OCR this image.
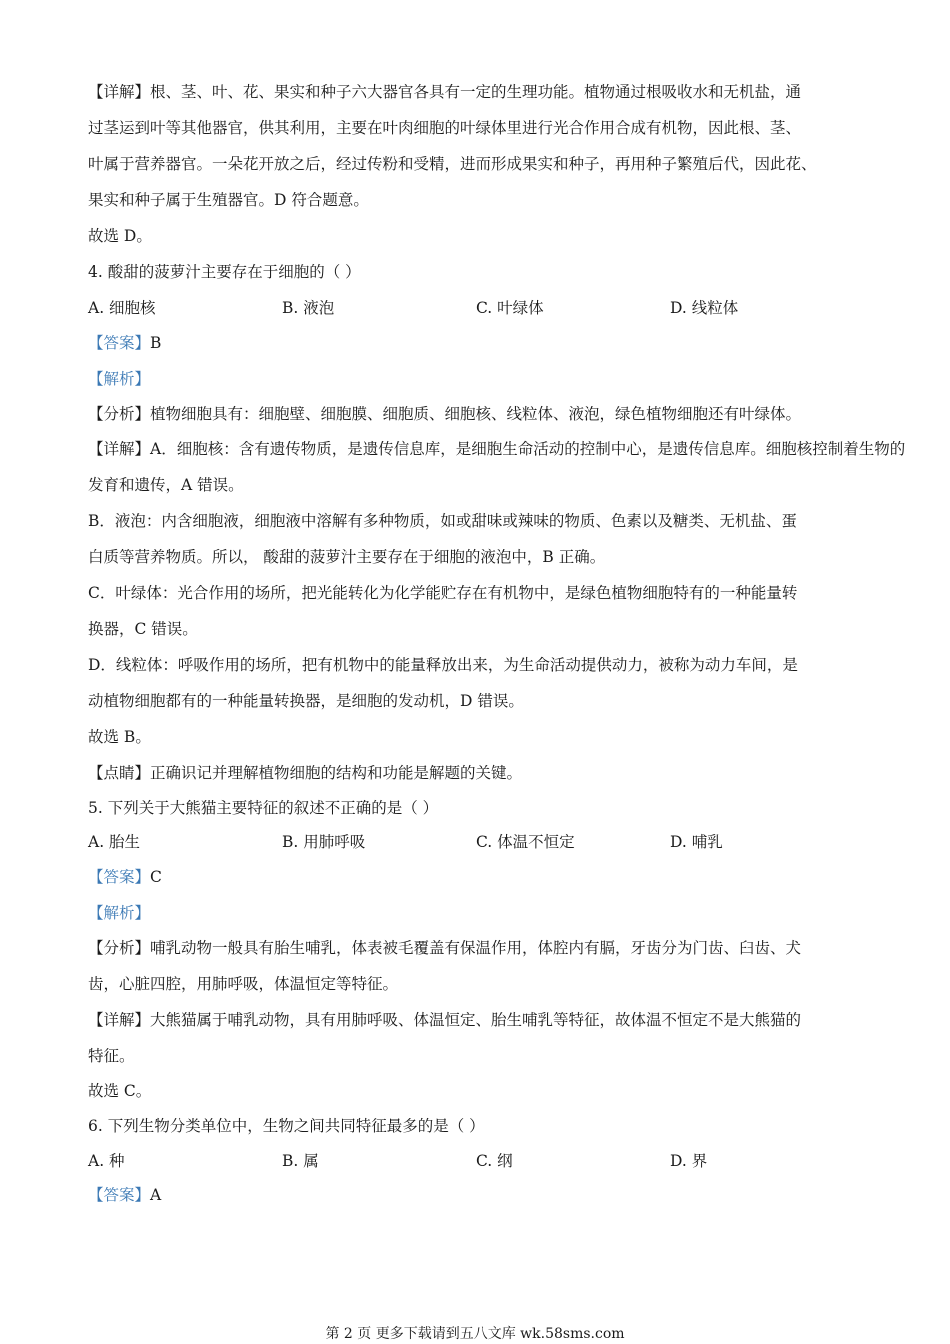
【详解】根、茎、叶、花、果实和种子六大器官各具有一定的生理功能。植物通过根吸收水和无机盐，通
过茎运到叶等其他器官，供其利用，主要在叶肉细胞的叶绿体里进行光合作用合成有机物，因此根、茎、
叶属于营养器官。一朵花开放之后，经过传粉和受精，进而形成果实和种子，再用种子繁殖后代，因此花、
果实和种子属于生殖器官。D 符合题意。
故选 D。
4. 酸甜的菠萝汁主要存在于细胞的（ ）
A. 细胞核	B. 液泡	C. 叶绿体	D. 线粒体
【答案】B
【解析】
【分析】植物细胞具有：细胞壁、细胞膜、细胞质、细胞核、线粒体、液泡，绿色植物细胞还有叶绿体。
【详解】A．细胞核：含有遗传物质，是遗传信息库，是细胞生命活动的控制中心，是遗传信息库。细胞核控制着生物的
发育和遗传，A 错误。
B．液泡：内含细胞液，细胞液中溶解有多种物质，如或甜味或辣味的物质、色素以及糖类、无机盐、蛋
白质等营养物质。所以， 酸甜的菠萝汁主要存在于细胞的液泡中，B 正确。
C．叶绿体：光合作用的场所，把光能转化为化学能贮存在有机物中，是绿色植物细胞特有的一种能量转
换器，C 错误。
D．线粒体：呼吸作用的场所，把有机物中的能量释放出来，为生命活动提供动力，被称为动力车间，是
动植物细胞都有的一种能量转换器，是细胞的发动机，D 错误。
故选 B。
【点睛】正确识记并理解植物细胞的结构和功能是解题的关键。
5. 下列关于大熊猫主要特征的叙述不正确的是（ ）
A. 胎生	B. 用肺呼吸	C. 体温不恒定	D. 哺乳
【答案】C
【解析】
【分析】哺乳动物一般具有胎生哺乳，体表被毛覆盖有保温作用，体腔内有膈，牙齿分为门齿、臼齿、犬
齿，心脏四腔，用肺呼吸，体温恒定等特征。
【详解】大熊猫属于哺乳动物，具有用肺呼吸、体温恒定、胎生哺乳等特征，故体温不恒定不是大熊猫的
特征。
故选 C。
6. 下列生物分类单位中，生物之间共同特征最多的是（ ）
A. 种	B. 属	C. 纲	D. 界
【答案】A
第 2 页 更多下载请到五八文库 wk.58sms.com
